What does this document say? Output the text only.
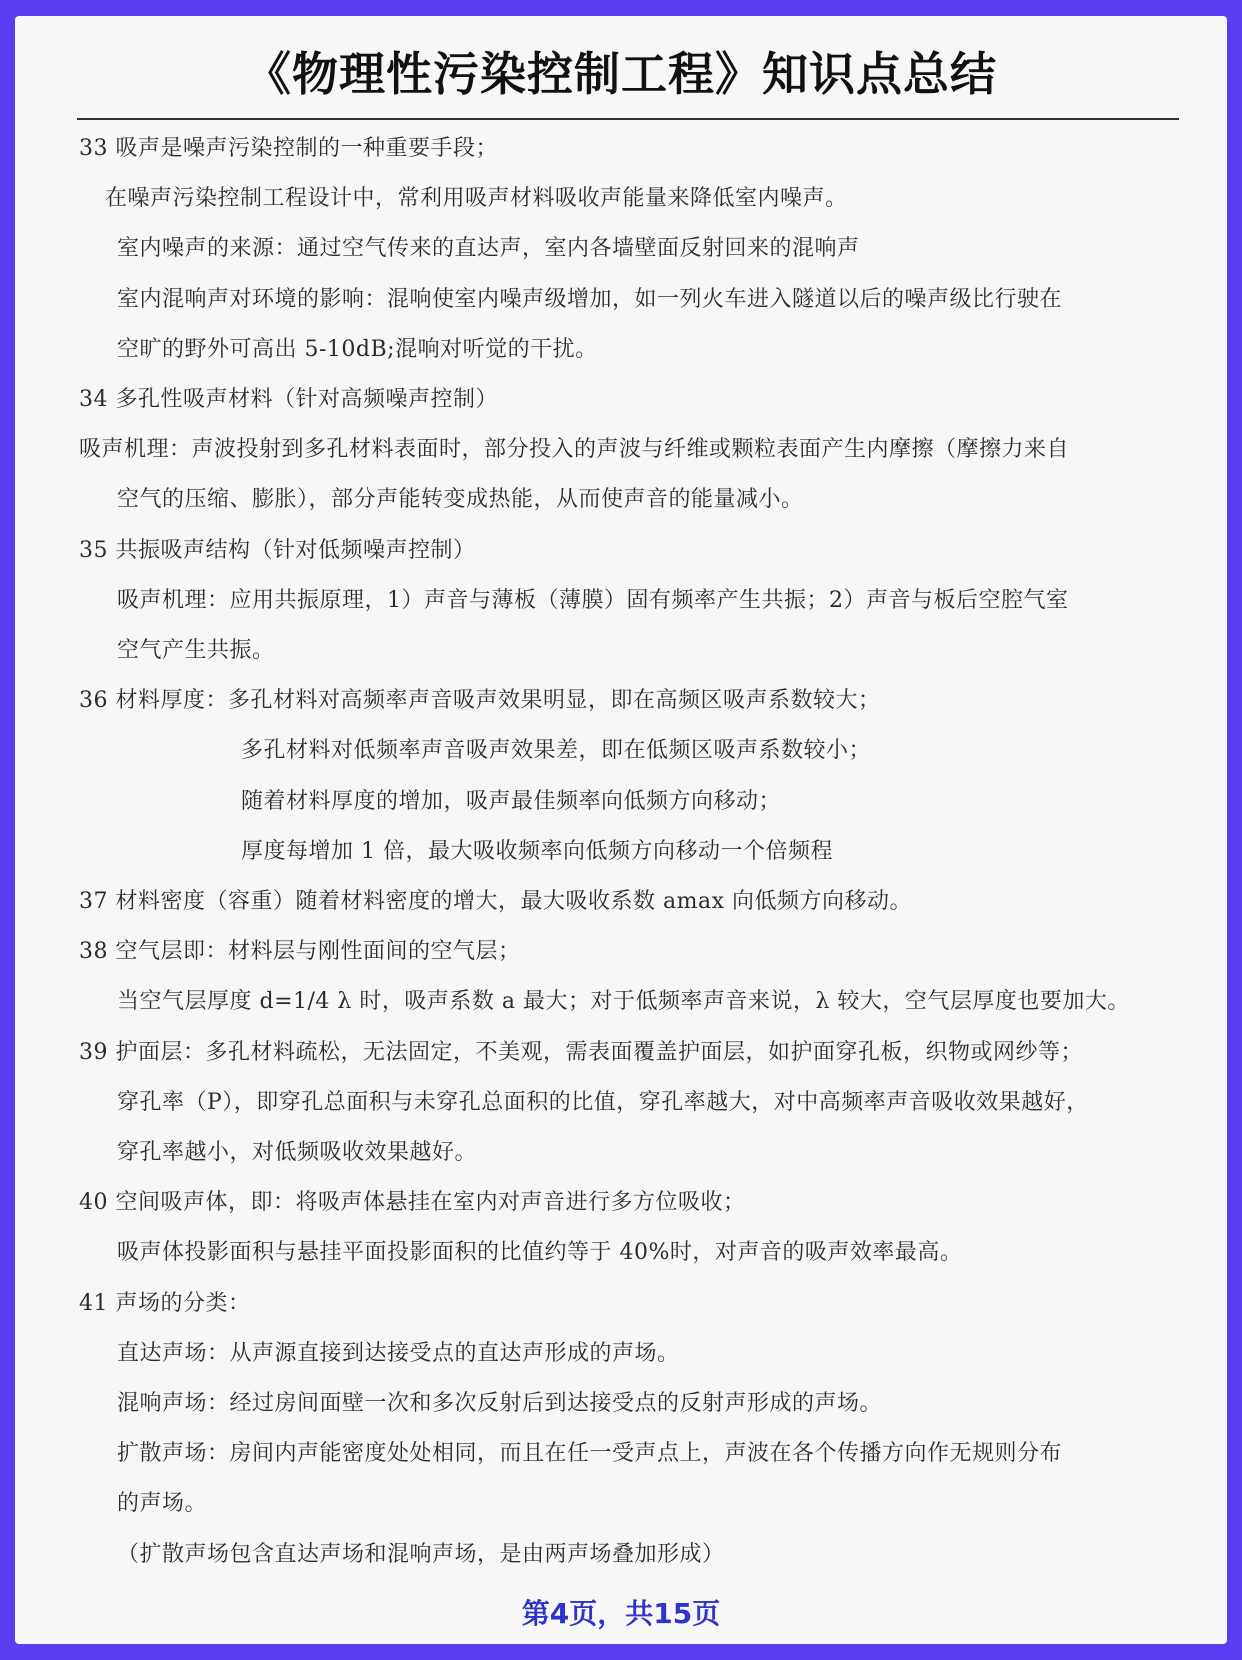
《物理性污染控制工程》知识点总结
33 吸声是噪声污染控制的一种重要手段；
在噪声污染控制工程设计中，常利用吸声材料吸收声能量来降低室内噪声。
室内噪声的来源：通过空气传来的直达声，室内各墙壁面反射回来的混响声
室内混响声对环境的影响：混响使室内噪声级增加，如一列火车进入隧道以后的噪声级比行驶在
空旷的野外可高出 5-10dB;混响对听觉的干扰。
34 多孔性吸声材料（针对高频噪声控制）
吸声机理：声波投射到多孔材料表面时，部分投入的声波与纤维或颗粒表面产生内摩擦（摩擦力来自
空气的压缩、膨胀），部分声能转变成热能，从而使声音的能量减小。
35 共振吸声结构（针对低频噪声控制）
吸声机理：应用共振原理，1）声音与薄板（薄膜）固有频率产生共振；2）声音与板后空腔气室
空气产生共振。
36 材料厚度：多孔材料对高频率声音吸声效果明显，即在高频区吸声系数较大；
多孔材料对低频率声音吸声效果差，即在低频区吸声系数较小；
随着材料厚度的增加，吸声最佳频率向低频方向移动；
厚度每增加 1 倍，最大吸收频率向低频方向移动一个倍频程
37 材料密度（容重）随着材料密度的增大，最大吸收系数 amax 向低频方向移动。
38 空气层即：材料层与刚性面间的空气层；
当空气层厚度 d=1/4 λ 时，吸声系数 a 最大；对于低频率声音来说，λ 较大，空气层厚度也要加大。
39 护面层：多孔材料疏松，无法固定，不美观，需表面覆盖护面层，如护面穿孔板，织物或网纱等；
穿孔率（P），即穿孔总面积与未穿孔总面积的比值，穿孔率越大，对中高频率声音吸收效果越好，
穿孔率越小，对低频吸收效果越好。
40 空间吸声体，即：将吸声体悬挂在室内对声音进行多方位吸收；
吸声体投影面积与悬挂平面投影面积的比值约等于 40%时，对声音的吸声效率最高。
41 声场的分类：
直达声场：从声源直接到达接受点的直达声形成的声场。
混响声场：经过房间面壁一次和多次反射后到达接受点的反射声形成的声场。
扩散声场：房间内声能密度处处相同，而且在任一受声点上，声波在各个传播方向作无规则分布
的声场。
（扩散声场包含直达声场和混响声场，是由两声场叠加形成）
第4页，共15页
